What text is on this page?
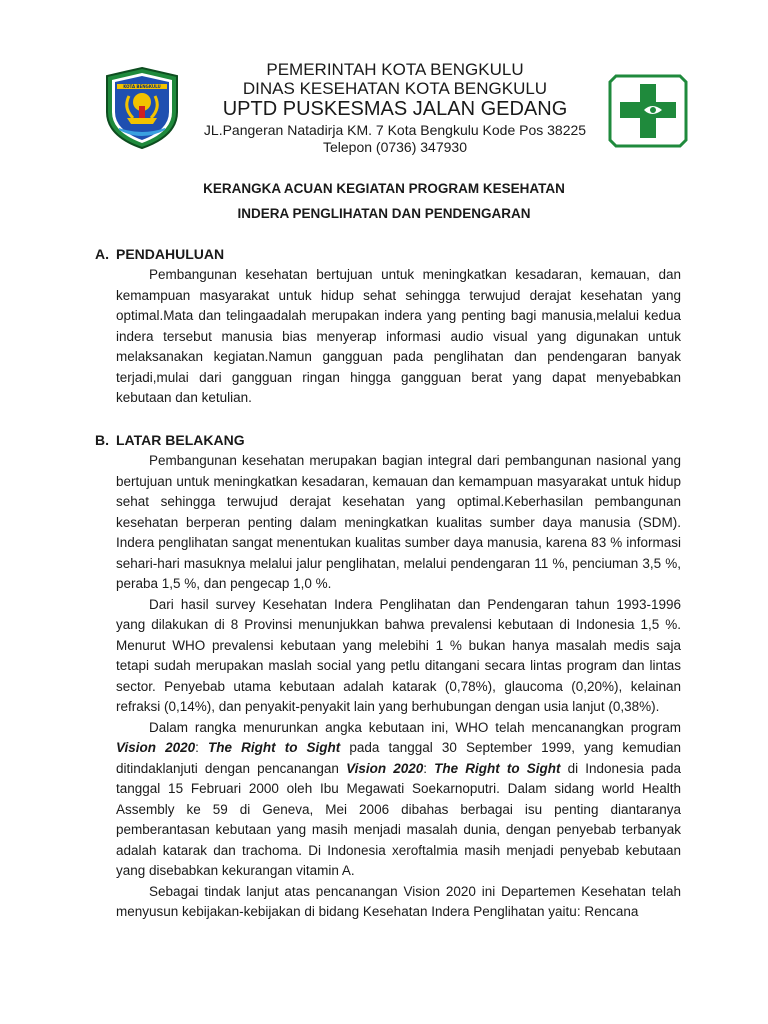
KOTA BENGKULU
PEMERINTAH KOTA BENGKULU
DINAS KESEHATAN KOTA BENGKULU
UPTD PUSKESMAS JALAN GEDANG
JL.Pangeran Natadirja KM. 7 Kota Bengkulu Kode Pos 38225
Telepon (0736) 347930
KERANGKA ACUAN KEGIATAN PROGRAM KESEHATAN
INDERA PENGLIHATAN DAN PENDENGARAN
A. PENDAHULUAN

Pembangunan kesehatan bertujuan untuk meningkatkan kesadaran, kemauan, dan kemampuan masyarakat untuk hidup sehat sehingga terwujud derajat kesehatan yang optimal.Mata dan telingaadalah merupakan indera yang penting bagi manusia,melalui kedua indera tersebut manusia bias menyerap informasi audio visual yang digunakan untuk melaksanakan kegiatan.Namun gangguan pada penglihatan dan pendengaran banyak terjadi,mulai dari gangguan ringan hingga gangguan berat yang dapat menyebabkan kebutaan dan ketulian.

B. LATAR BELAKANG

Pembangunan kesehatan merupakan bagian integral dari pembangunan nasional yang bertujuan untuk meningkatkan kesadaran, kemauan dan kemampuan masyarakat untuk hidup sehat sehingga terwujud derajat kesehatan yang optimal.Keberhasilan pembangunan kesehatan berperan penting dalam meningkatkan kualitas sumber daya manusia (SDM). Indera penglihatan sangat menentukan kualitas sumber daya manusia, karena 83 % informasi sehari-hari masuknya melalui jalur penglihatan, melalui pendengaran 11 %, penciuman 3,5 %, peraba 1,5 %, dan pengecap 1,0 %.

Dari hasil survey Kesehatan Indera Penglihatan dan Pendengaran tahun 1993-1996 yang dilakukan di 8 Provinsi menunjukkan bahwa prevalensi kebutaan di Indonesia 1,5 %. Menurut WHO prevalensi kebutaan yang melebihi 1 % bukan hanya masalah medis saja tetapi sudah merupakan maslah social yang petlu ditangani secara lintas program dan lintas sector. Penyebab utama kebutaan adalah katarak (0,78%), glaucoma (0,20%), kelainan refraksi (0,14%), dan penyakit-penyakit lain yang berhubungan dengan usia lanjut (0,38%).

Dalam rangka menurunkan angka kebutaan ini, WHO telah mencanangkan program Vision 2020: The Right to Sight pada tanggal 30 September 1999, yang kemudian ditindaklanjuti dengan pencanangan Vision 2020: The Right to Sight di Indonesia pada tanggal 15 Februari 2000 oleh Ibu Megawati Soekarnoputri. Dalam sidang world Health Assembly ke 59 di Geneva, Mei 2006 dibahas berbagai isu penting diantaranya pemberantasan kebutaan yang masih menjadi masalah dunia, dengan penyebab terbanyak adalah katarak dan trachoma. Di Indonesia xeroftalmia masih menjadi penyebab kebutaan yang disebabkan kekurangan vitamin A.

Sebagai tindak lanjut atas pencanangan Vision 2020 ini Departemen Kesehatan telah menyusun kebijakan-kebijakan di bidang Kesehatan Indera Penglihatan yaitu: Rencana
